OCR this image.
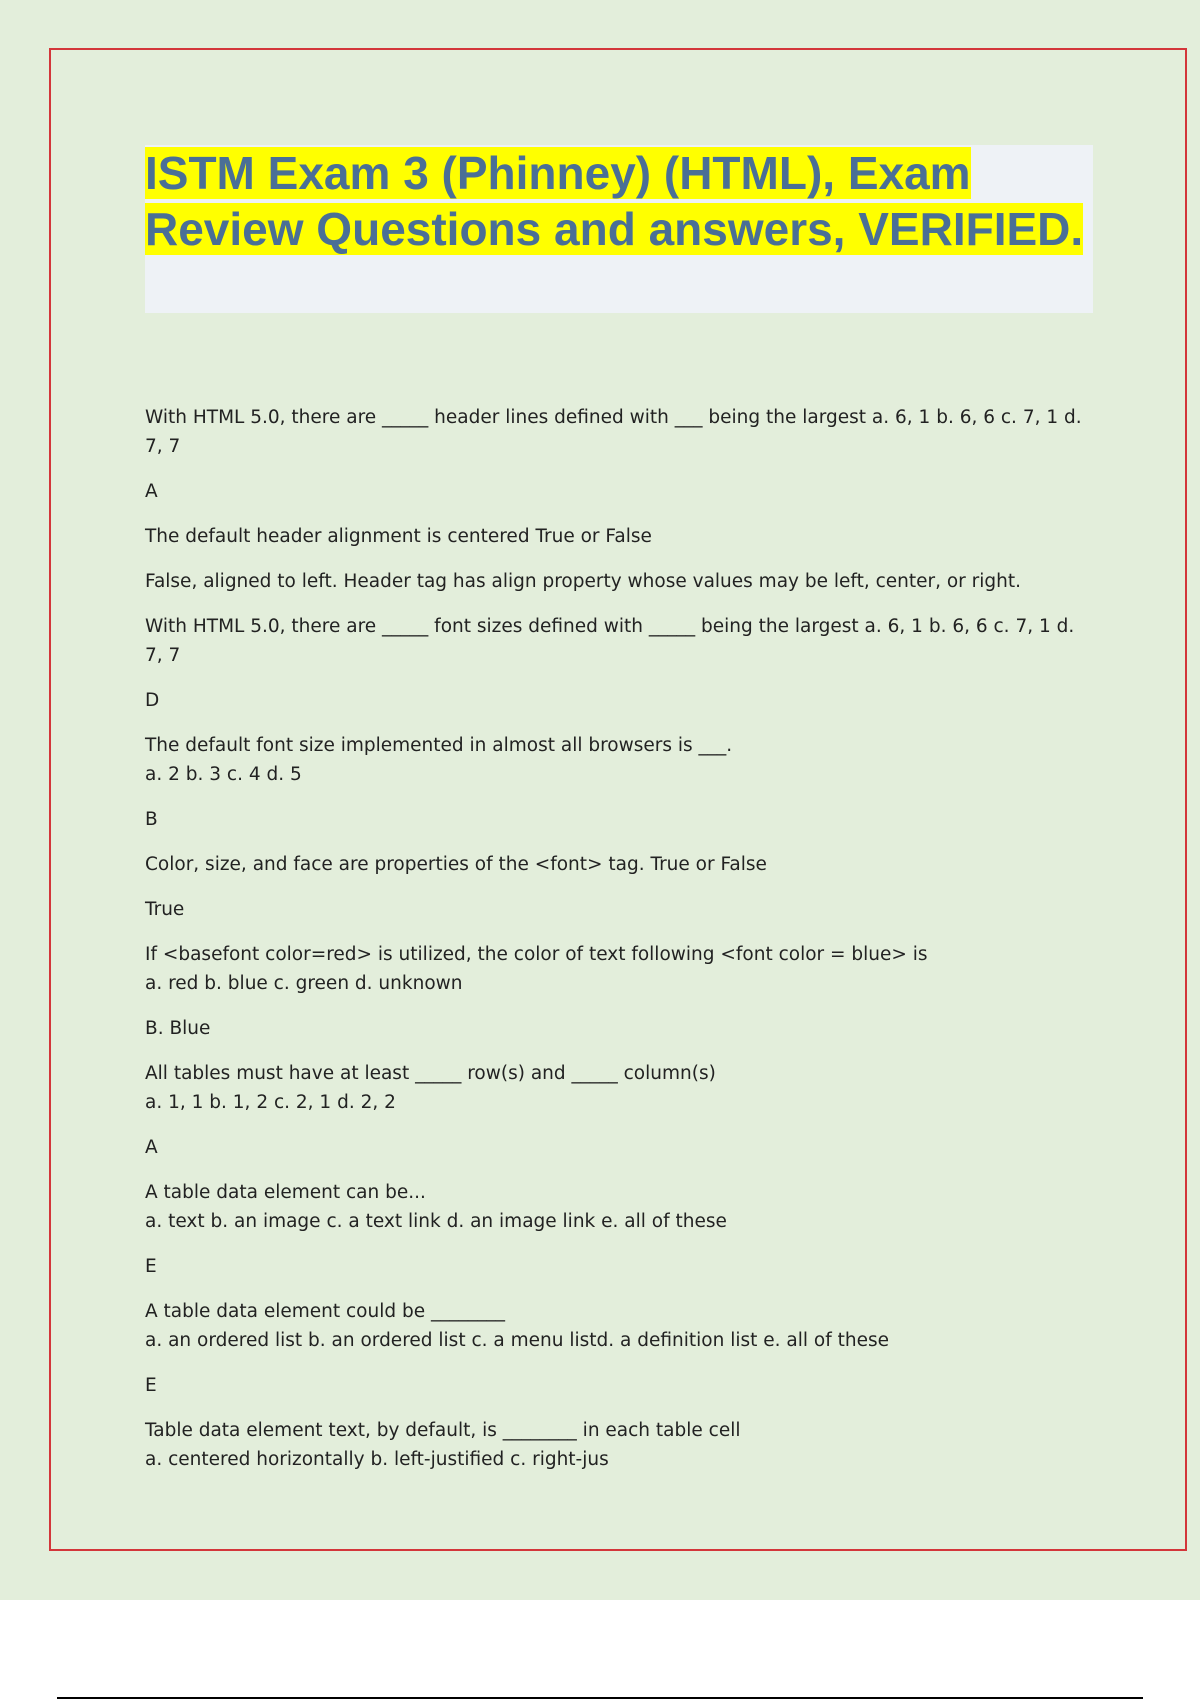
ISTM Exam 3 (Phinney) (HTML), Exam Review Questions and answers, VERIFIED.

With HTML 5.0, there are _____ header lines defined with ___ being the largest a. 6, 1 b. 6, 6 c. 7, 1 d. 7, 7

A

The default header alignment is centered True or False

False, aligned to left. Header tag has align property whose values may be left, center, or right.

With HTML 5.0, there are _____ font sizes defined with _____ being the largest a. 6, 1 b. 6, 6 c. 7, 1 d. 7, 7

D

The default font size implemented in almost all browsers is ___.
a. 2 b. 3 c. 4 d. 5

B

Color, size, and face are properties of the <font> tag. True or False

True

If <basefont color=red> is utilized, the color of text following <font color = blue> is
a. red b. blue c. green d. unknown

B. Blue

All tables must have at least _____ row(s) and _____ column(s)
a. 1, 1 b. 1, 2 c. 2, 1 d. 2, 2

A

A table data element can be...
a. text b. an image c. a text link d. an image link e. all of these

E

A table data element could be ________
a. an ordered list b. an ordered list c. a menu listd. a definition list e. all of these

E

Table data element text, by default, is ________ in each table cell
a. centered horizontally b. left-justified c. right-jus
